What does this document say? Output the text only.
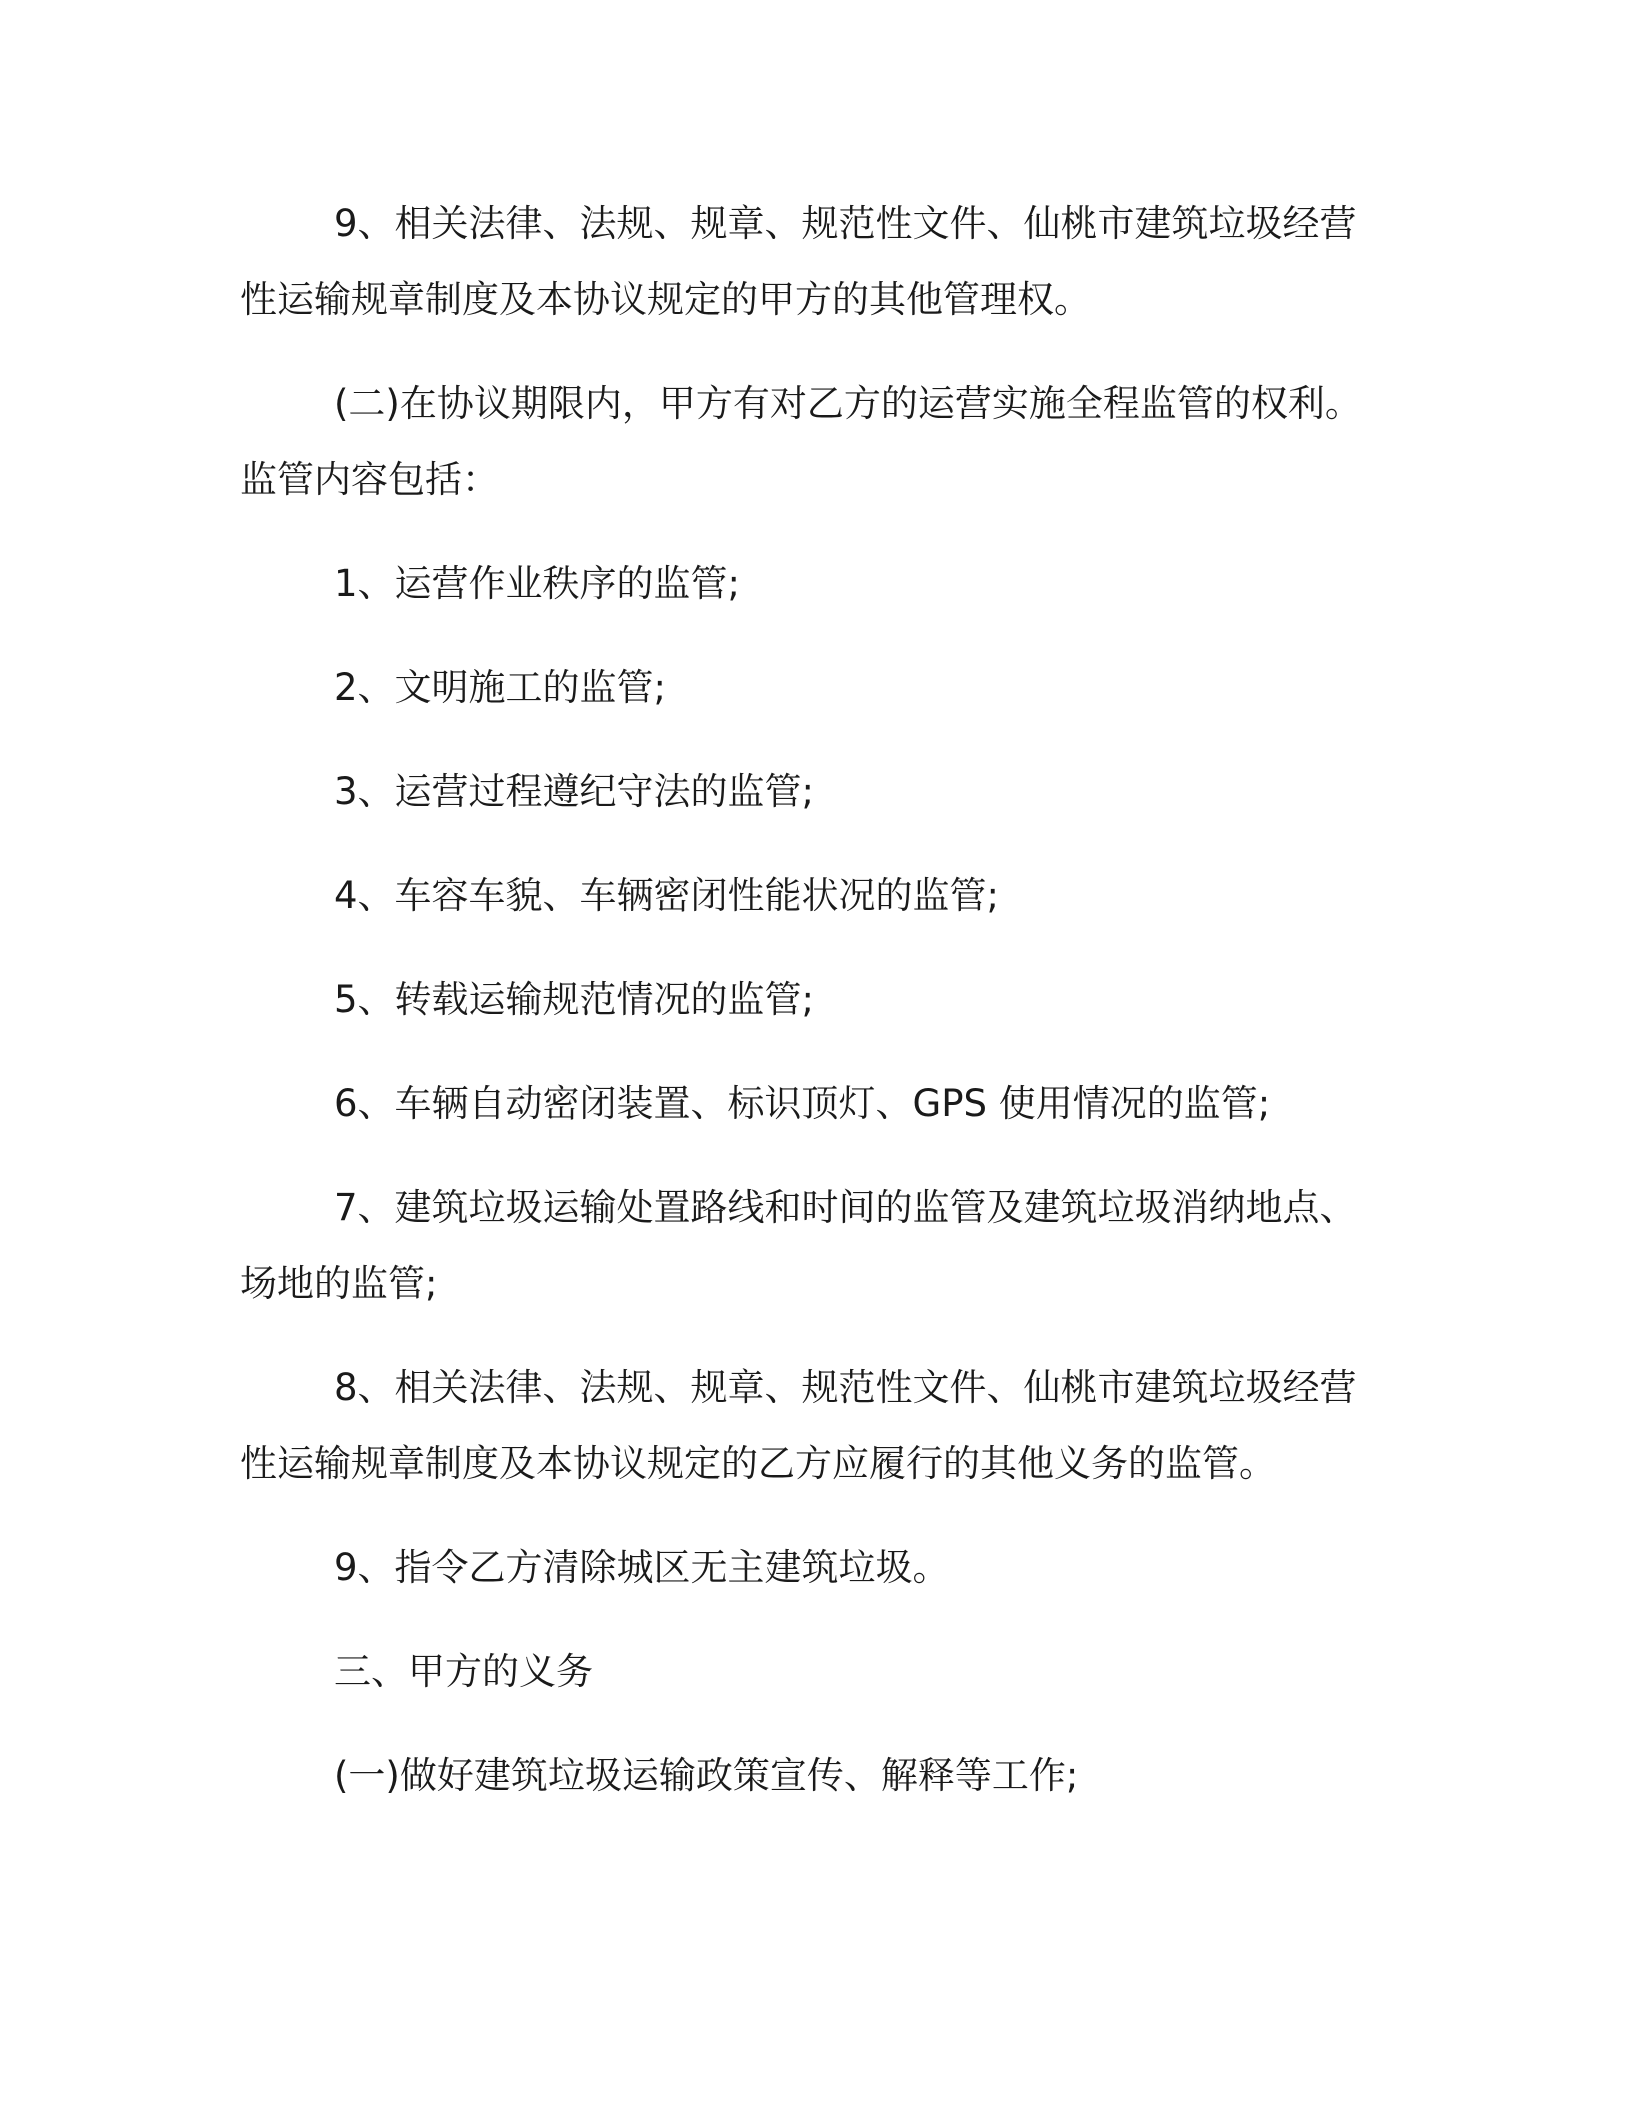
9、相关法律、法规、规章、规范性文件、仙桃市建筑垃圾经营性运输规章制度及本协议规定的甲方的其他管理权。

(二)在协议期限内，甲方有对乙方的运营实施全程监管的权利。监管内容包括：

1、运营作业秩序的监管;

2、文明施工的监管;

3、运营过程遵纪守法的监管;

4、车容车貌、车辆密闭性能状况的监管;

5、转载运输规范情况的监管;

6、车辆自动密闭装置、标识顶灯、GPS 使用情况的监管;

7、建筑垃圾运输处置路线和时间的监管及建筑垃圾消纳地点、场地的监管;

8、相关法律、法规、规章、规范性文件、仙桃市建筑垃圾经营性运输规章制度及本协议规定的乙方应履行的其他义务的监管。

9、指令乙方清除城区无主建筑垃圾。

三、甲方的义务

(一)做好建筑垃圾运输政策宣传、解释等工作;
